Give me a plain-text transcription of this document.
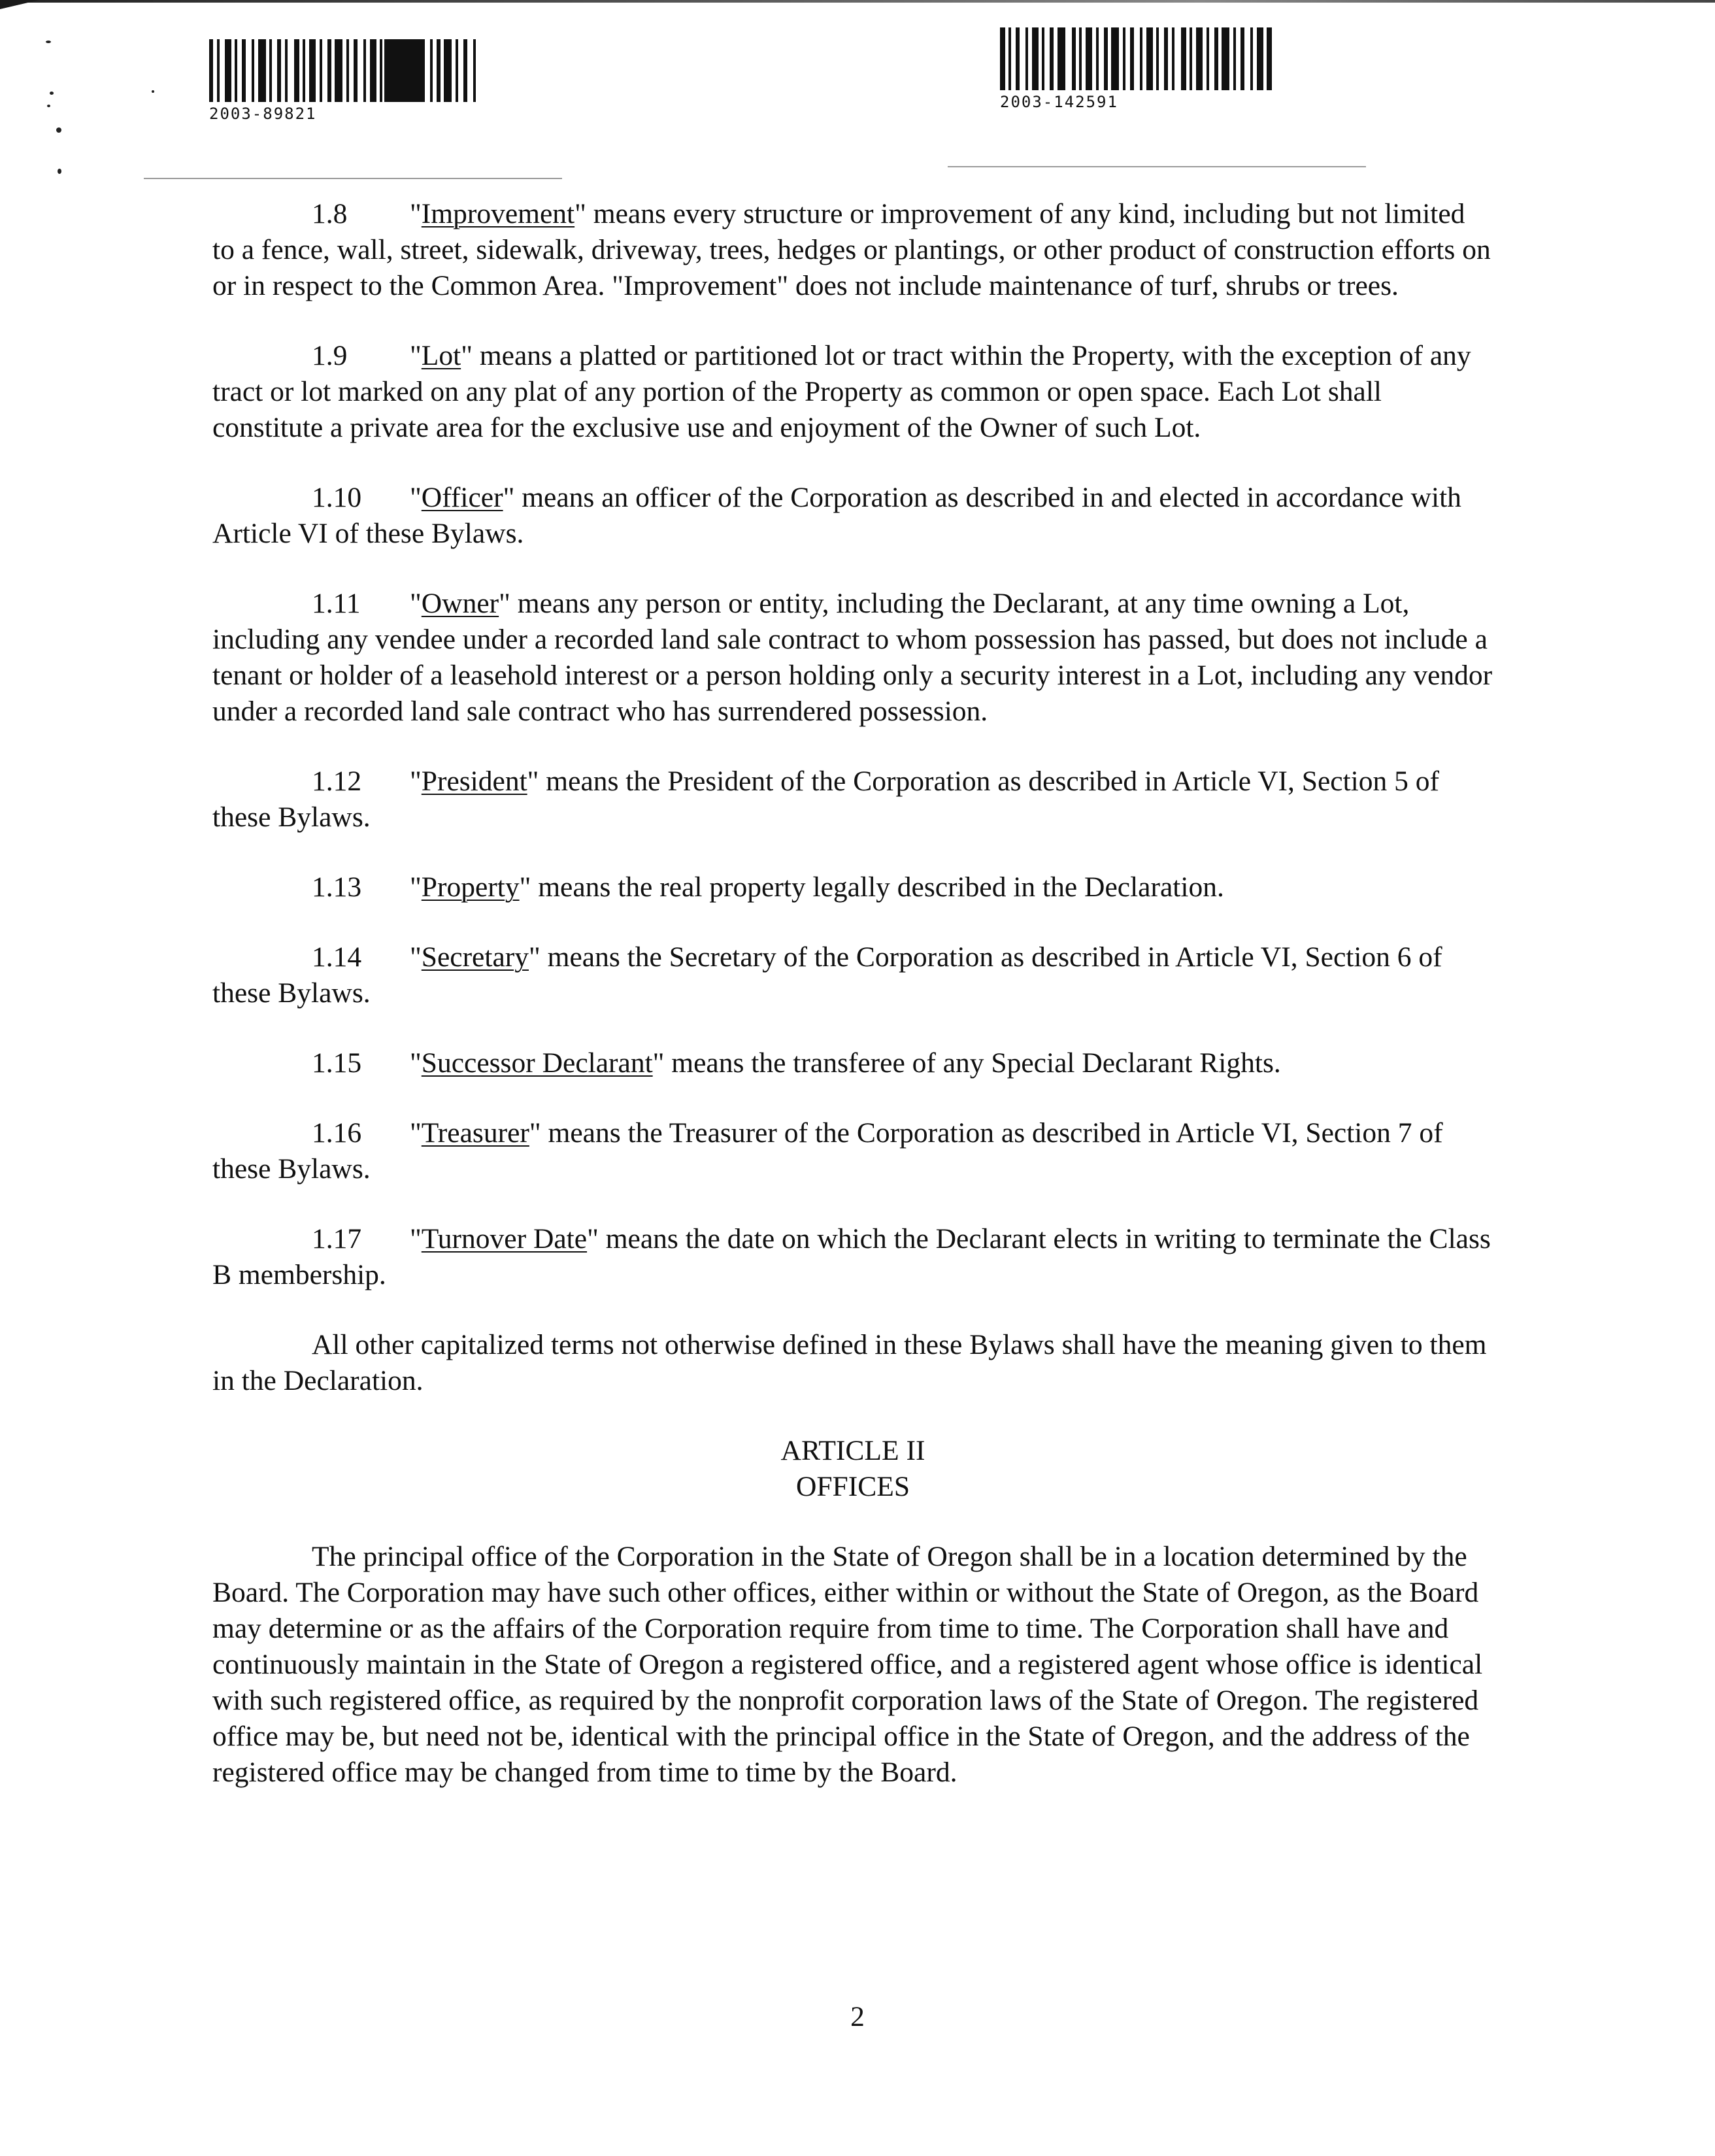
2003-89821
2003-142591

1.8 "Improvement" means every structure or improvement of any kind, including but not limited to a fence, wall, street, sidewalk, driveway, trees, hedges or plantings, or other product of construction efforts on or in respect to the Common Area. "Improvement" does not include maintenance of turf, shrubs or trees.

1.9 "Lot" means a platted or partitioned lot or tract within the Property, with the exception of any tract or lot marked on any plat of any portion of the Property as common or open space. Each Lot shall constitute a private area for the exclusive use and enjoyment of the Owner of such Lot.

1.10 "Officer" means an officer of the Corporation as described in and elected in accordance with Article VI of these Bylaws.

1.11 "Owner" means any person or entity, including the Declarant, at any time owning a Lot, including any vendee under a recorded land sale contract to whom possession has passed, but does not include a tenant or holder of a leasehold interest or a person holding only a security interest in a Lot, including any vendor under a recorded land sale contract who has surrendered possession.

1.12 "President" means the President of the Corporation as described in Article VI, Section 5 of these Bylaws.

1.13 "Property" means the real property legally described in the Declaration.

1.14 "Secretary" means the Secretary of the Corporation as described in Article VI, Section 6 of these Bylaws.

1.15 "Successor Declarant" means the transferee of any Special Declarant Rights.

1.16 "Treasurer" means the Treasurer of the Corporation as described in Article VI, Section 7 of these Bylaws.

1.17 "Turnover Date" means the date on which the Declarant elects in writing to terminate the Class B membership.

All other capitalized terms not otherwise defined in these Bylaws shall have the meaning given to them in the Declaration.

ARTICLE II
OFFICES

The principal office of the Corporation in the State of Oregon shall be in a location determined by the Board. The Corporation may have such other offices, either within or without the State of Oregon, as the Board may determine or as the affairs of the Corporation require from time to time. The Corporation shall have and continuously maintain in the State of Oregon a registered office, and a registered agent whose office is identical with such registered office, as required by the nonprofit corporation laws of the State of Oregon. The registered office may be, but need not be, identical with the principal office in the State of Oregon, and the address of the registered office may be changed from time to time by the Board.

2
